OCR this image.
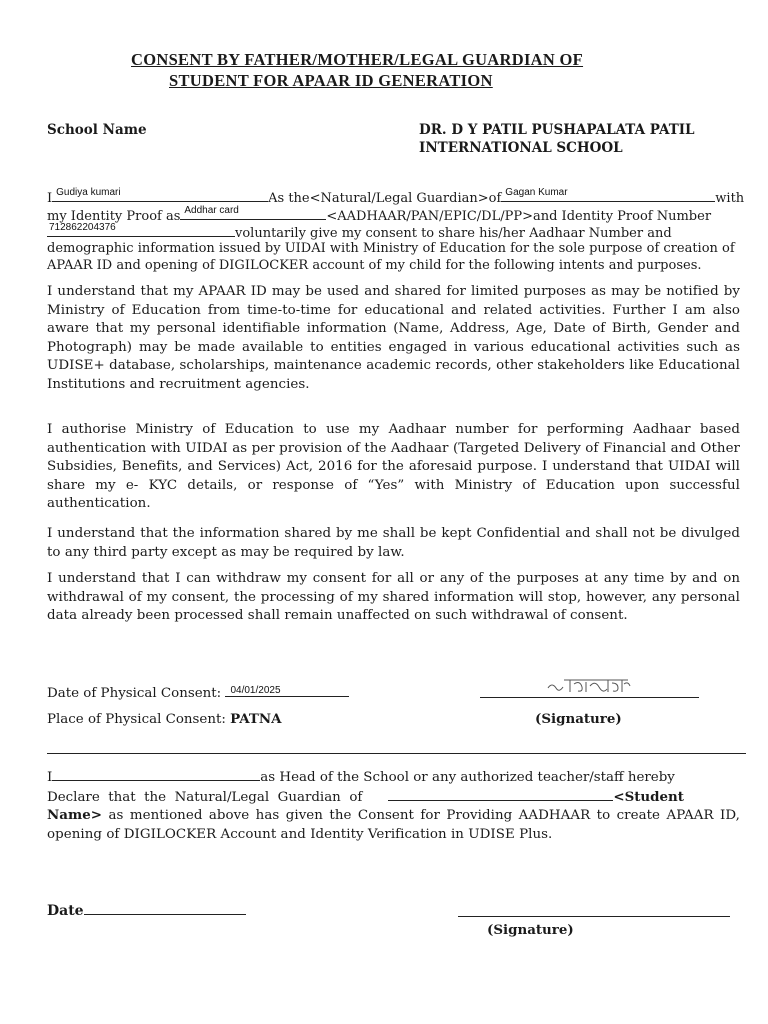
CONSENT BY FATHER/MOTHER/LEGAL GUARDIAN OF
STUDENT FOR APAAR ID GENERATION
School Name	DR. D Y PATIL PUSHAPALATA PATIL
INTERNATIONAL SCHOOL
I Gudiya kumari	As the<Natural/Legal Guardian>of Gagan Kumar	with
my Identity Proof as Addhar card	<AADHAAR/PAN/EPIC/DL/PP>and Identity Proof Number
712862204376	voluntarily give my consent to share his/her Aadhaar Number and
demographic information issued by UIDAI with Ministry of Education for the sole purpose of creation of
APAAR ID and opening of DIGILOCKER account of my child for the following intents and purposes.
I understand that my APAAR ID may be used and shared for limited purposes as may be notified by Ministry of Education from time-to-time for educational and related activities. Further I am also aware that my personal identifiable information (Name, Address, Age, Date of Birth, Gender and Photograph) may be made available to entities engaged in various educational activities such as UDISE+ database, scholarships, maintenance academic records, other stakeholders like Educational Institutions and recruitment agencies.
I authorise Ministry of Education to use my Aadhaar number for performing Aadhaar based authentication with UIDAI as per provision of the Aadhaar (Targeted Delivery of Financial and Other Subsidies, Benefits, and Services) Act, 2016 for the aforesaid purpose. I understand that UIDAI will share my e- KYC details, or response of “Yes” with Ministry of Education upon successful authentication.
I understand that the information shared by me shall be kept Confidential and shall not be divulged to any third party except as may be required by law.
I understand that I can withdraw my consent for all or any of the purposes at any time by and on withdrawal of my consent, the processing of my shared information will stop, however, any personal data already been processed shall remain unaffected on such withdrawal of consent.
Date of Physical Consent: 04/01/2025
Place of Physical Consent: PATNA	(Signature)
I	as Head of the School or any authorized teacher/staff hereby
Declare  that  the  Natural/Legal  Guardian  of	<Student
Name> as mentioned above has given the Consent for Providing AADHAAR to create APAAR ID, opening of DIGILOCKER Account and Identity Verification in UDISE Plus.
Date
(Signature)
